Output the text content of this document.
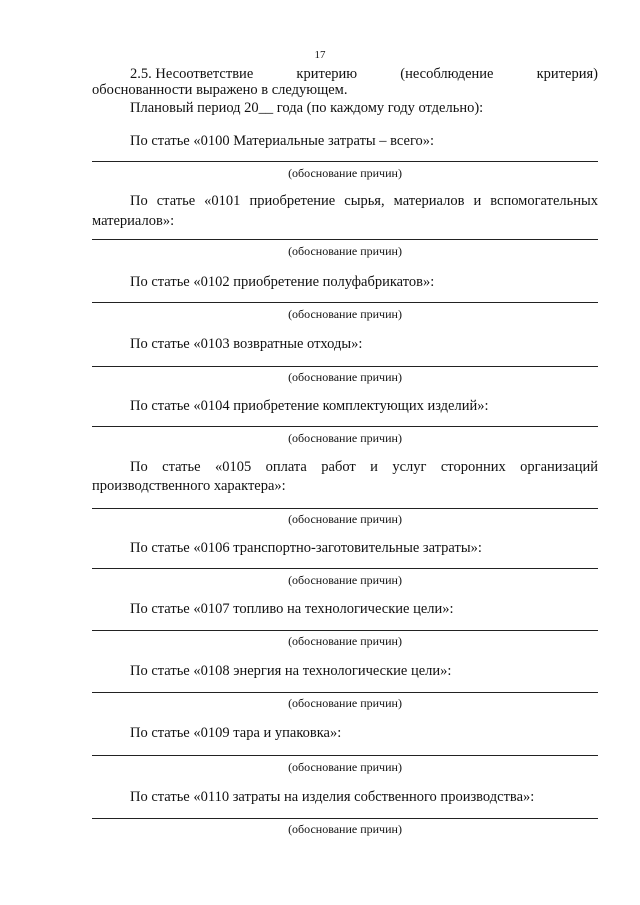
17
2.5. Несоответствие	критерию	(несоблюдение	критерия)
обоснованности выражено в следующем.
Плановый период 20__ года (по каждому году отдельно):
По статье «0100 Материальные затраты – всего»:
(обоснование причин)
По статье «0101 приобретение сырья, материалов и вспомогательных
материалов»:
(обоснование причин)
По статье «0102 приобретение полуфабрикатов»:
(обоснование причин)
По статье «0103 возвратные отходы»:
(обоснование причин)
По статье «0104 приобретение комплектующих изделий»:
(обоснование причин)
По статье «0105 оплата работ и услуг сторонних организаций
производственного характера»:
(обоснование причин)
По статье «0106 транспортно-заготовительные затраты»:
(обоснование причин)
По статье «0107 топливо на технологические цели»:
(обоснование причин)
По статье «0108 энергия на технологические цели»:
(обоснование причин)
По статье «0109 тара и упаковка»:
(обоснование причин)
По статье «0110 затраты на изделия собственного производства»:
(обоснование причин)
